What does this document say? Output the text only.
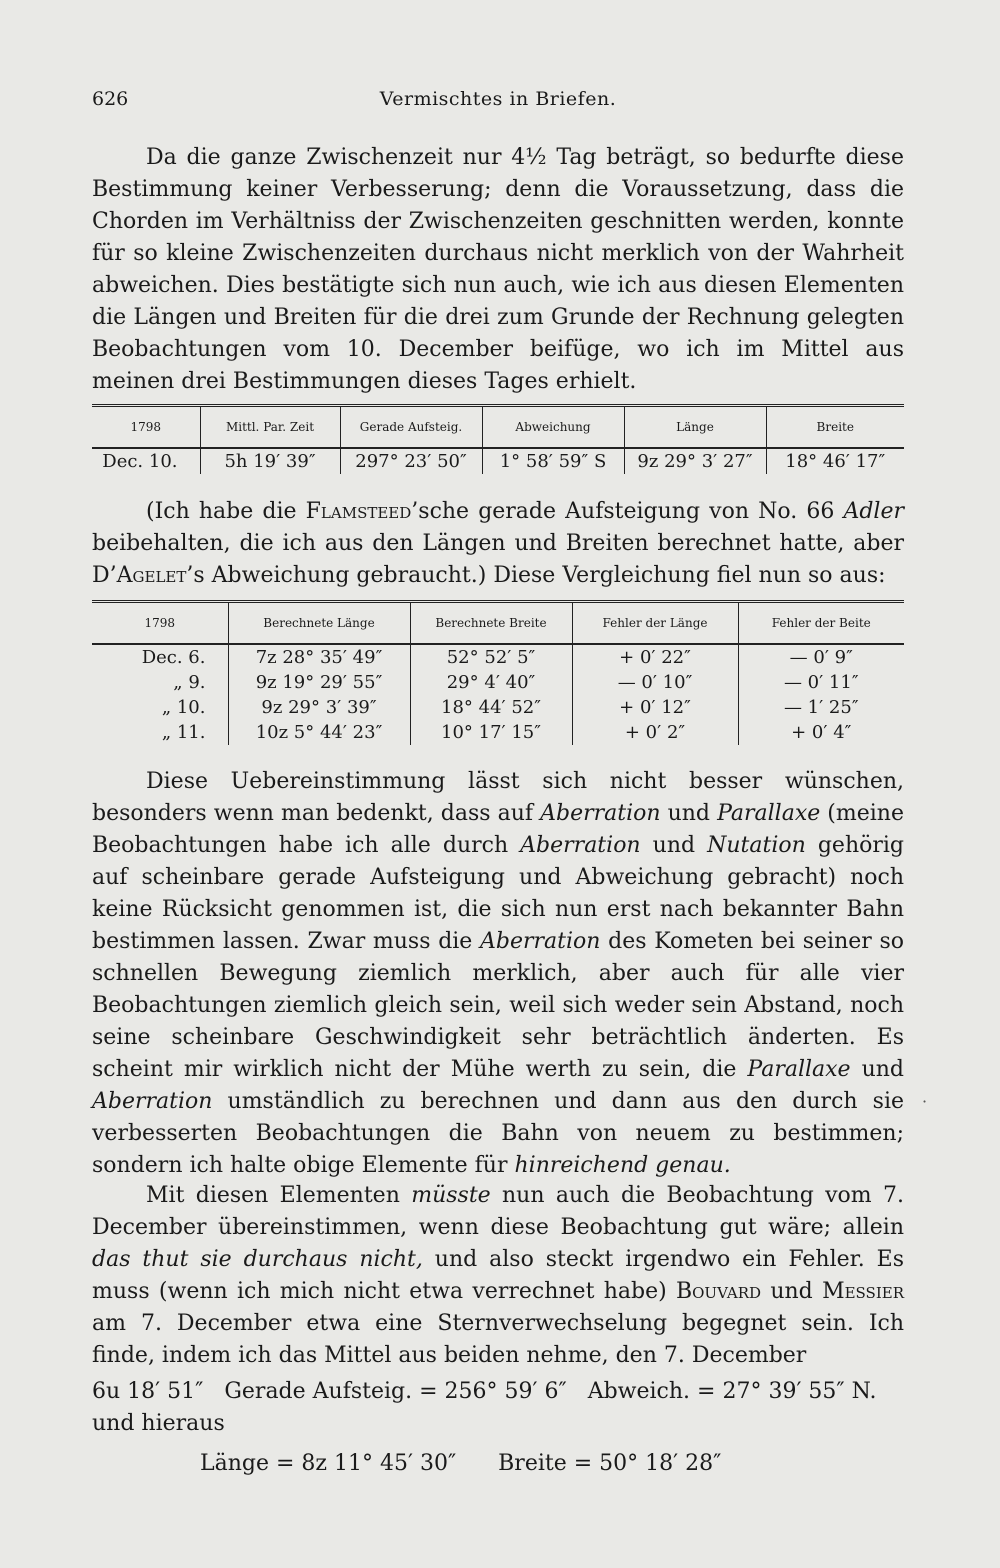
626	Vermischtes in Briefen.

Da die ganze Zwischenzeit nur 4½ Tag beträgt, so bedurfte diese Bestimmung keiner Verbesserung; denn die Voraussetzung, dass die Chorden im Verhältniss der Zwischenzeiten geschnitten werden, konnte für so kleine Zwischenzeiten durchaus nicht merklich von der Wahrheit abweichen. Dies bestätigte sich nun auch, wie ich aus diesen Elementen die Längen und Breiten für die drei zum Grunde der Rechnung gelegten Beobachtungen vom 10. December beifüge, wo ich im Mittel aus meinen drei Bestimmungen dieses Tages erhielt.

1798	Mittl. Par. Zeit	Gerade Aufsteig.	Abweichung	Länge	Breite
Dec. 10.	5h 19′ 39″	297° 23′ 50″	1° 58′ 59″ S	9z 29° 3′ 27″	18° 46′ 17″

(Ich habe die Flamsteed’sche gerade Aufsteigung von No. 66 Adler beibehalten, die ich aus den Längen und Breiten berechnet hatte, aber D’Agelet’s Abweichung gebraucht.) Diese Vergleichung fiel nun so aus:

1798	Berechnete Länge	Berechnete Breite	Fehler der Länge	Fehler der Beite
Dec. 6.	7z 28° 35′ 49″	52° 52′ 5″	+ 0′ 22″	— 0′ 9″
„ 9.	9z 19° 29′ 55″	29° 4′ 40″	— 0′ 10″	— 0′ 11″
„ 10.	9z 29° 3′ 39″	18° 44′ 52″	+ 0′ 12″	— 1′ 25″
„ 11.	10z 5° 44′ 23″	10° 17′ 15″	+ 0′ 2″	+ 0′ 4″

Diese Uebereinstimmung lässt sich nicht besser wünschen, besonders wenn man bedenkt, dass auf Aberration und Parallaxe (meine Beobachtungen habe ich alle durch Aberration und Nutation gehörig auf scheinbare gerade Aufsteigung und Abweichung gebracht) noch keine Rücksicht genommen ist, die sich nun erst nach bekannter Bahn bestimmen lassen. Zwar muss die Aberration des Kometen bei seiner so schnellen Bewegung ziemlich merklich, aber auch für alle vier Beobachtungen ziemlich gleich sein, weil sich weder sein Abstand, noch seine scheinbare Geschwindigkeit sehr beträchtlich änderten. Es scheint mir wirklich nicht der Mühe werth zu sein, die Parallaxe und Aberration umständlich zu berechnen und dann aus den durch sie verbesserten Beobachtungen die Bahn von neuem zu bestimmen; sondern ich halte obige Elemente für hinreichend genau.

Mit diesen Elementen müsste nun auch die Beobachtung vom 7. December übereinstimmen, wenn diese Beobachtung gut wäre; allein das thut sie durchaus nicht, und also steckt irgendwo ein Fehler. Es muss (wenn ich mich nicht etwa verrechnet habe) Bouvard und Messier am 7. December etwa eine Sternverwechselung begegnet sein. Ich finde, indem ich das Mittel aus beiden nehme, den 7. December

6u 18′ 51″   Gerade Aufsteig. = 256° 59′ 6″   Abweich. = 27° 39′ 55″ N.
und hieraus
Länge = 8z 11° 45′ 30″      Breite = 50° 18′ 28″
·
